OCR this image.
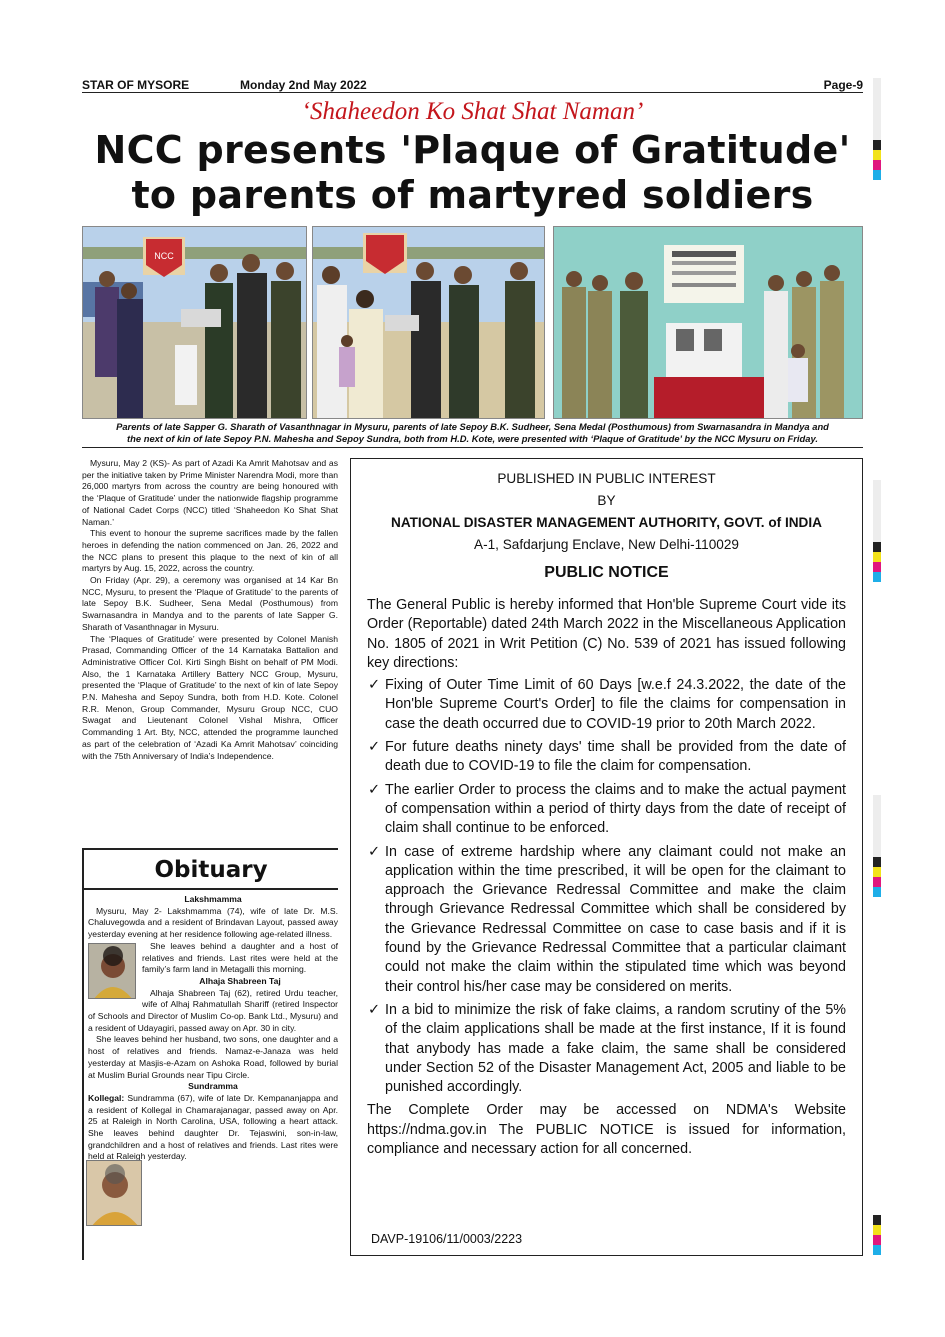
STAR OF MYSORE	Monday 2nd May 2022	Page-9
‘Shaheedon Ko Shat Shat Naman’
NCC presents 'Plaque of Gratitude'
to parents of martyred soldiers
NCC
Parents of late Sapper G. Sharath of Vasanthnagar in Mysuru, parents of late Sepoy B.K. Sudheer, Sena Medal (Posthumous) from Swarnasandra in Mandya and
the next of kin of late Sepoy P.N. Mahesha and Sepoy Sundra, both from H.D. Kote, were presented with ‘Plaque of Gratitude’ by the NCC Mysuru on Friday.

Mysuru, May 2 (KS)- As part of Azadi Ka Amrit Mahotsav and as per the initiative taken by Prime Minister Narendra Modi, more than 26,000 martyrs from across the country are being honoured with the ‘Plaque of Gratitude’ under the nationwide flagship programme of National Cadet Corps (NCC) titled ‘Shaheedon Ko Shat Shat Naman.’

This event to honour the supreme sacrifices made by the fallen heroes in defending the nation commenced on Jan. 26, 2022 and the NCC plans to present this plaque to the next of kin of all martyrs by Aug. 15, 2022, across the country.

On Friday (Apr. 29), a ceremony was organised at 14 Kar Bn NCC, Mysuru, to present the ‘Plaque of Gratitude’ to the parents of late Sepoy B.K. Sudheer, Sena Medal (Posthumous) from Swarnasandra in Mandya and to the parents of late Sapper G. Sharath of Vasanthnagar in Mysuru.

The ‘Plaques of Gratitude’ were presented by Colonel Manish Prasad, Commanding Officer of the 14 Karnataka Battalion and Administrative Officer Col. Kirti Singh Bisht on behalf of PM Modi. Also, the 1 Karnataka Artillery Battery NCC Group, Mysuru, presented the ‘Plaque of Gratitude’ to the next of kin of late Sepoy P.N. Mahesha and Sepoy Sundra, both from H.D. Kote. Colonel R.R. Menon, Group Commander, Mysuru Group NCC, CUO Swagat and Lieutenant Colonel Vishal Mishra, Officer Commanding 1 Art. Bty, NCC, attended the programme launched as part of the celebration of ‘Azadi Ka Amrit Mahotsav’ coinciding with the 75th Anniversary of India’s Independence.

Obituary
Lakshmamma

Mysuru, May 2- Lakshmamma (74), wife of late Dr. M.S. Chaluvegowda and a resident of Brindavan Layout, passed away yesterday evening at her residence following age-related illness.

She leaves behind a daughter and a host of relatives and friends. Last rites were held at the family’s farm land in Metagalli this morning.

Alhaja Shabreen Taj

Alhaja Shabreen Taj (62), retired Urdu teacher, wife of Alhaj Rahmatullah Shariff (retired Inspector of Schools and Director of Muslim Co-op. Bank Ltd., Mysuru) and a resident of Udayagiri, passed away on Apr. 30 in city.

She leaves behind her husband, two sons, one daughter and a host of relatives and friends. Namaz-e-Janaza was held yesterday at Masjis-e-Azam on Ashoka Road, followed by burial at Muslim Burial Grounds near Tipu Circle.

Sundramma

Kollegal: Sundramma (67), wife of late Dr. Kempananjappa and a resident of Kollegal in Chamarajanagar, passed away on Apr. 25 at Raleigh in North Carolina, USA, following a heart attack. She leaves behind daughter Dr. Tejaswini, son-in-law, grandchildren and a host of relatives and friends. Last rites were held at Raleigh yesterday.

PUBLISHED IN PUBLIC INTEREST
BY
NATIONAL DISASTER MANAGEMENT AUTHORITY, GOVT. of INDIA
A-1, Safdarjung Enclave, New Delhi-110029
PUBLIC NOTICE

The General Public is hereby informed that Hon'ble Supreme Court vide its Order (Reportable) dated 24th March 2022 in the Miscellaneous Application No. 1805 of 2021 in Writ Petition (C) No. 539 of 2021 has issued following key directions:

✓ Fixing of Outer Time Limit of 60 Days [w.e.f 24.3.2022, the date of the Hon'ble Supreme Court's Order] to file the claims for compensation in case the death occurred due to COVID-19 prior to 20th March 2022.
✓ For future deaths ninety days' time shall be provided from the date of death due to COVID-19 to file the claim for compensation.
✓ The earlier Order to process the claims and to make the actual payment of compensation within a period of thirty days from the date of receipt of claim shall continue to be enforced.
✓ In case of extreme hardship where any claimant could not make an application within the time prescribed, it will be open for the claimant to approach the Grievance Redressal Committee and make the claim through Grievance Redressal Committee which shall be considered by the Grievance Redressal Committee on case to case basis and if it is found by the Grievance Redressal Committee that a particular claimant could not make the claim within the stipulated time which was beyond their control his/her case may be considered on merits.
✓ In a bid to minimize the risk of fake claims, a random scrutiny of the 5% of the claim applications shall be made at the first instance, If it is found that anybody has made a fake claim, the same shall be considered under Section 52 of the Disaster Management Act, 2005 and liable to be punished accordingly.

The Complete Order may be accessed on NDMA's Website https://ndma.gov.in The PUBLIC NOTICE is issued for information, compliance and necessary action for all concerned.

DAVP-19106/11/0003/2223
